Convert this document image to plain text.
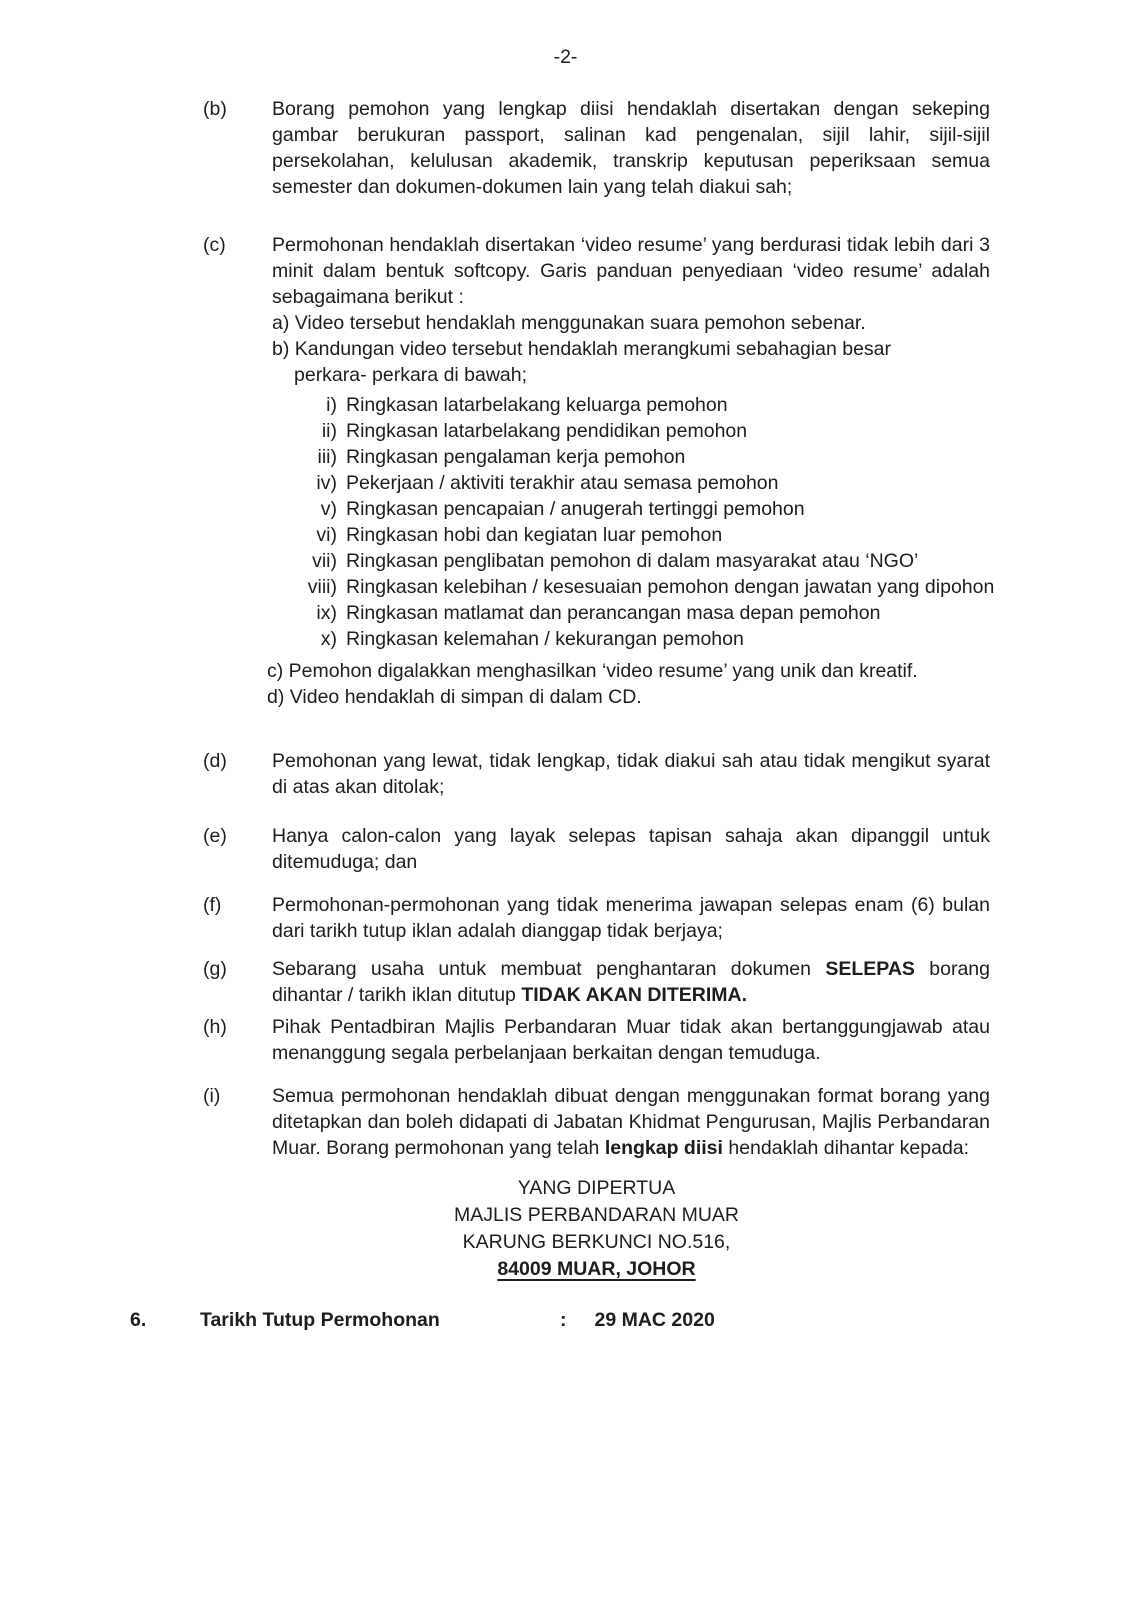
-2-
(b)	Borang pemohon yang lengkap diisi hendaklah disertakan dengan sekeping gambar berukuran passport, salinan kad pengenalan, sijil lahir, sijil-sijil persekolahan, kelulusan akademik, transkrip keputusan peperiksaan semua semester dan dokumen-dokumen lain yang telah diakui sah;
(c)	Permohonan hendaklah disertakan ‘video resume’ yang berdurasi tidak lebih dari 3 minit dalam bentuk softcopy. Garis panduan penyediaan ‘video resume’ adalah sebagaimana berikut :
a) Video tersebut hendaklah menggunakan suara pemohon sebenar.
b) Kandungan video tersebut hendaklah merangkumi sebahagian besar
perkara- perkara di bawah;
i) Ringkasan latarbelakang keluarga pemohon
ii) Ringkasan latarbelakang pendidikan pemohon
iii) Ringkasan pengalaman kerja pemohon
iv) Pekerjaan / aktiviti terakhir atau semasa pemohon
v) Ringkasan pencapaian / anugerah tertinggi pemohon
vi) Ringkasan hobi dan kegiatan luar pemohon
vii) Ringkasan penglibatan pemohon di dalam masyarakat atau ‘NGO’
viii) Ringkasan kelebihan / kesesuaian pemohon dengan jawatan yang dipohon
ix) Ringkasan matlamat dan perancangan masa depan pemohon
x) Ringkasan kelemahan / kekurangan pemohon
c) Pemohon digalakkan menghasilkan ‘video resume’ yang unik dan kreatif.
d) Video hendaklah di simpan di dalam CD.
(d)	Pemohonan yang lewat, tidak lengkap, tidak diakui sah atau tidak mengikut syarat di atas akan ditolak;
(e)	Hanya calon-calon yang layak selepas tapisan sahaja akan dipanggil untuk ditemuduga; dan
(f)	Permohonan-permohonan yang tidak menerima jawapan selepas enam (6) bulan dari tarikh tutup iklan adalah dianggap tidak berjaya;
(g)	Sebarang usaha untuk membuat penghantaran dokumen SELEPAS borang dihantar / tarikh iklan ditutup TIDAK AKAN DITERIMA.
(h)	Pihak Pentadbiran Majlis Perbandaran Muar tidak akan bertanggungjawab atau menanggung segala perbelanjaan berkaitan dengan temuduga.
(i)	Semua permohonan hendaklah dibuat dengan menggunakan format borang yang ditetapkan dan boleh didapati di Jabatan Khidmat Pengurusan, Majlis Perbandaran Muar. Borang permohonan yang telah lengkap diisi hendaklah dihantar kepada:
YANG DIPERTUA
MAJLIS PERBANDARAN MUAR
KARUNG BERKUNCI NO.516,
84009 MUAR, JOHOR
6.	Tarikh Tutup Permohonan	: 29 MAC 2020
